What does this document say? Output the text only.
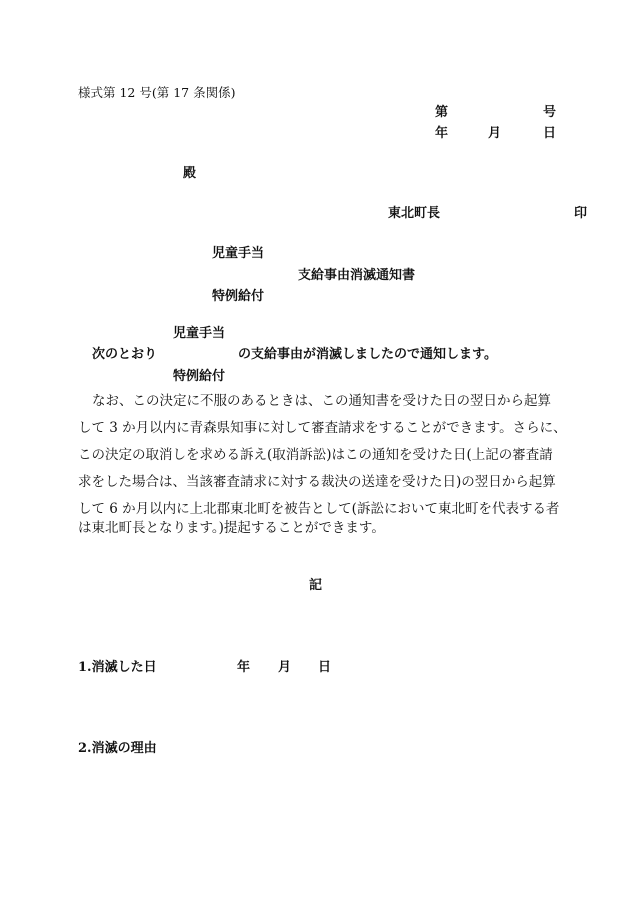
様式第 12 号(第 17 条関係)
第	号
年	月	日
殿
東北町長	印
児童手当
支給事由消滅通知書
特例給付
児童手当
次のとおり	の支給事由が消滅しましたので通知します。
特例給付
なお、この決定に不服のあるときは、この通知書を受けた日の翌日から起算
して 3 か月以内に青森県知事に対して審査請求をすることができます。さらに、
この決定の取消しを求める訴え(取消訴訟)はこの通知を受けた日(上記の審査請
求をした場合は、当該審査請求に対する裁決の送達を受けた日)の翌日から起算
して 6 か月以内に上北郡東北町を被告として(訴訟において東北町を代表する者
は東北町長となります。)提起することができます。
記
1.消滅した日	年 月 日
2.消滅の理由
